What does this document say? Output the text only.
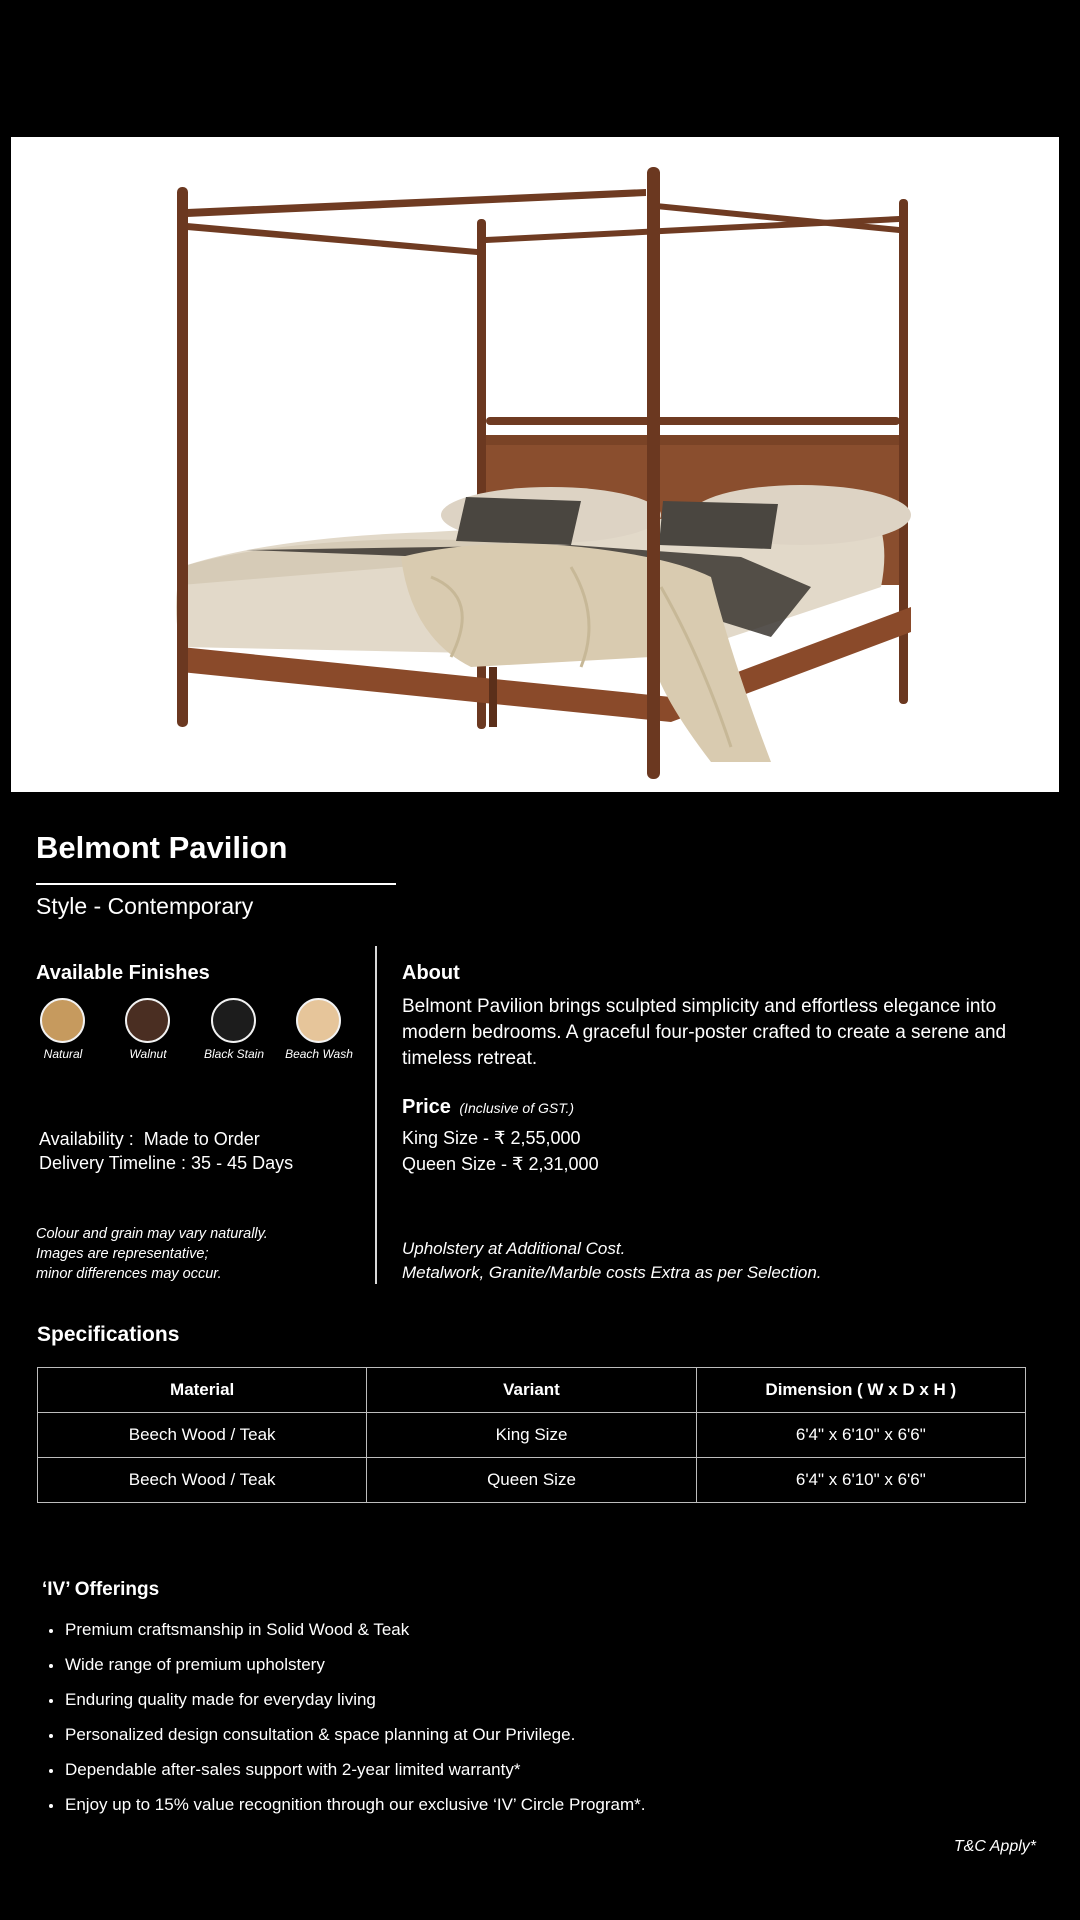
Belmont Pavilion
Style - Contemporary
Available Finishes
Natural	Walnut	Black Stain	Beach Wash
Availability :  Made to Order
Delivery Timeline : 35 - 45 Days
Colour and grain may vary naturally.
Images are representative;
minor differences may occur.
About
Belmont Pavilion brings sculpted simplicity and effortless elegance into modern bedrooms. A graceful four-poster crafted to create a serene and timeless retreat.
Price (Inclusive of GST.)
King Size - ₹ 2,55,000
Queen Size - ₹ 2,31,000
Upholstery at Additional Cost.
Metalwork, Granite/Marble costs Extra as per Selection.
Specifications
Material	Variant	Dimension ( W x D x H )
Beech Wood / Teak	King Size	6'4" x 6'10" x 6'6"
Beech Wood / Teak	Queen Size	6'4" x 6'10" x 6'6"
‘IV’ Offerings
Premium craftsmanship in Solid Wood & Teak
Wide range of premium upholstery
Enduring quality made for everyday living
Personalized design consultation & space planning at Our Privilege.
Dependable after-sales support with 2-year limited warranty*
Enjoy up to 15% value recognition through our exclusive ‘IV’ Circle Program*.
T&C Apply*
